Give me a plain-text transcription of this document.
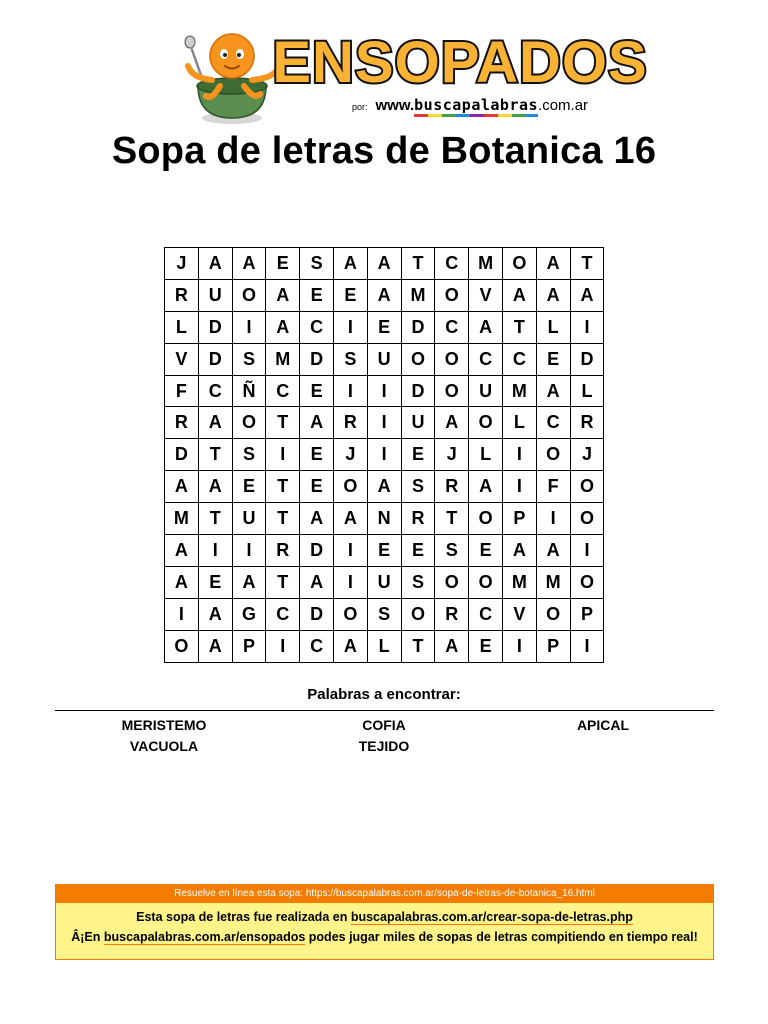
ENSOPADOS
por: www.buscapalabras.com.ar
Sopa de letras de Botanica 16
J	A	A	E	S	A	A	T	C	M	O	A	T
R	U	O	A	E	E	A	M	O	V	A	A	A
L	D	I	A	C	I	E	D	C	A	T	L	I
V	D	S	M	D	S	U	O	O	C	C	E	D
F	C	Ñ	C	E	I	I	D	O	U	M	A	L
R	A	O	T	A	R	I	U	A	O	L	C	R
D	T	S	I	E	J	I	E	J	L	I	O	J
A	A	E	T	E	O	A	S	R	A	I	F	O
M	T	U	T	A	A	N	R	T	O	P	I	O
A	I	I	R	D	I	E	E	S	E	A	A	I
A	E	A	T	A	I	U	S	O	O	M	M	O
I	A	G	C	D	O	S	O	R	C	V	O	P
O	A	P	I	C	A	L	T	A	E	I	P	I
Palabras a encontrar:
MERISTEMO	COFIA	APICAL
VACUOLA	TEJIDO
Resuelve en línea esta sopa: https://buscapalabras.com.ar/sopa-de-letras-de-botanica_16.html
Esta sopa de letras fue realizada en buscapalabras.com.ar/crear-sopa-de-letras.php
Â¡En buscapalabras.com.ar/ensopados podes jugar miles de sopas de letras compitiendo en tiempo real!
